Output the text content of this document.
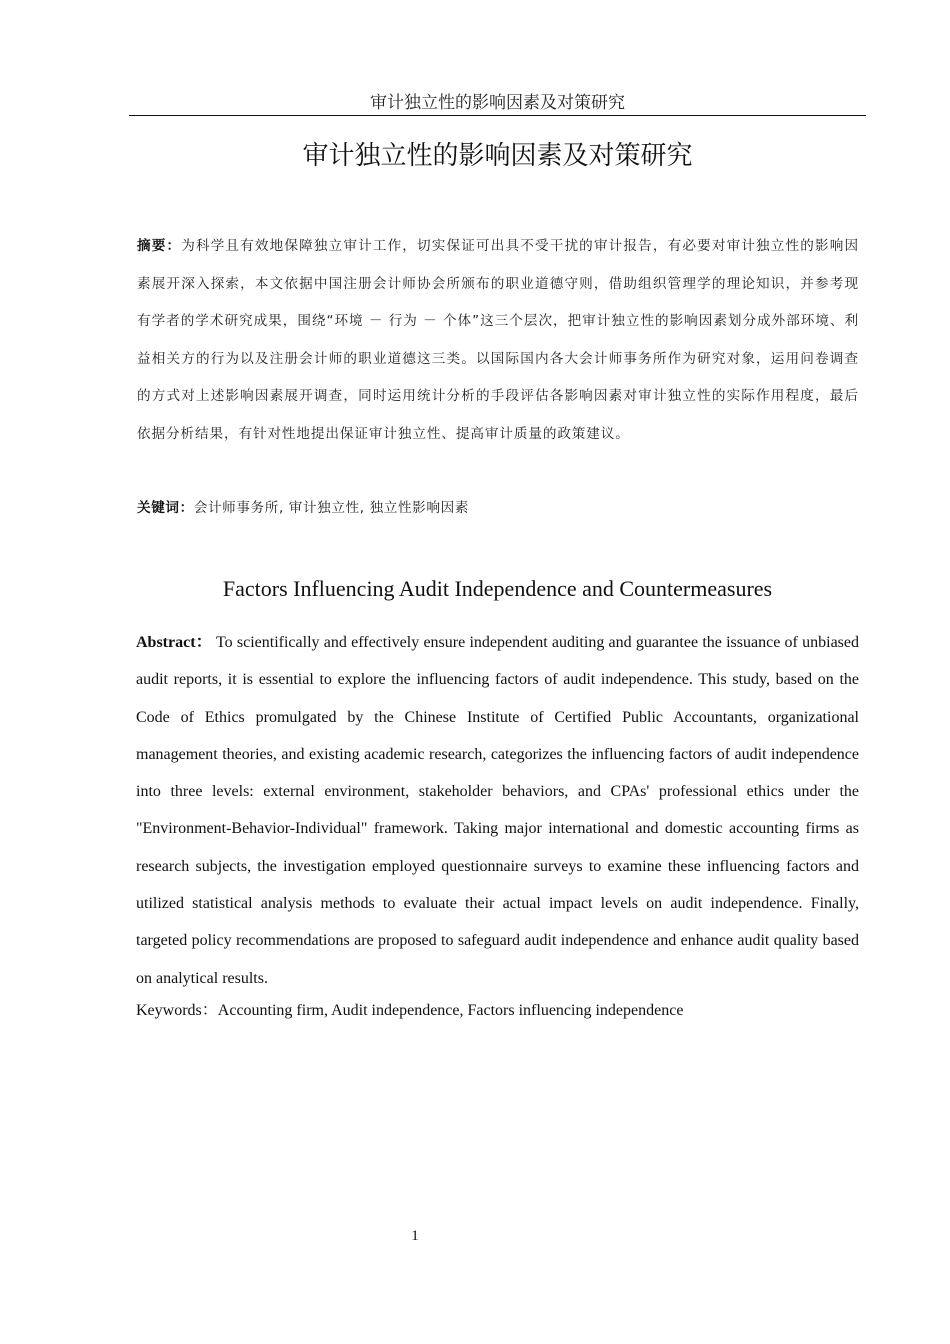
审计独立性的影响因素及对策研究
审计独立性的影响因素及对策研究

摘要：为科学且有效地保障独立审计工作，切实保证可出具不受干扰的审计报告，有必要对审计独立性的影响因素展开深入探索，本文依据中国注册会计师协会所颁布的职业道德守则，借助组织管理学的理论知识，并参考现有学者的学术研究成果，围绕“环境 － 行为 － 个体”这三个层次，把审计独立性的影响因素划分成外部环境、利益相关方的行为以及注册会计师的职业道德这三类。以国际国内各大会计师事务所作为研究对象，运用问卷调查的方式对上述影响因素展开调查，同时运用统计分析的手段评估各影响因素对审计独立性的实际作用程度，最后依据分析结果，有针对性地提出保证审计独立性、提高审计质量的政策建议。

关键词：会计师事务所, 审计独立性, 独立性影响因素

Factors Influencing Audit Independence and Countermeasures

Abstract： To scientifically and effectively ensure independent auditing and guarantee the issuance of unbiased audit reports, it is essential to explore the influencing factors of audit independence. This study, based on the Code of Ethics promulgated by the Chinese Institute of Certified Public Accountants, organizational management theories, and existing academic research, categorizes the influencing factors of audit independence into three levels: external environment, stakeholder behaviors, and CPAs' professional ethics under the "Environment-Behavior-Individual" framework. Taking major international and domestic accounting firms as research subjects, the investigation employed questionnaire surveys to examine these influencing factors and utilized statistical analysis methods to evaluate their actual impact levels on audit independence. Finally, targeted policy recommendations are proposed to safeguard audit independence and enhance audit quality based on analytical results.

Keywords：Accounting firm, Audit independence, Factors influencing independence

1
